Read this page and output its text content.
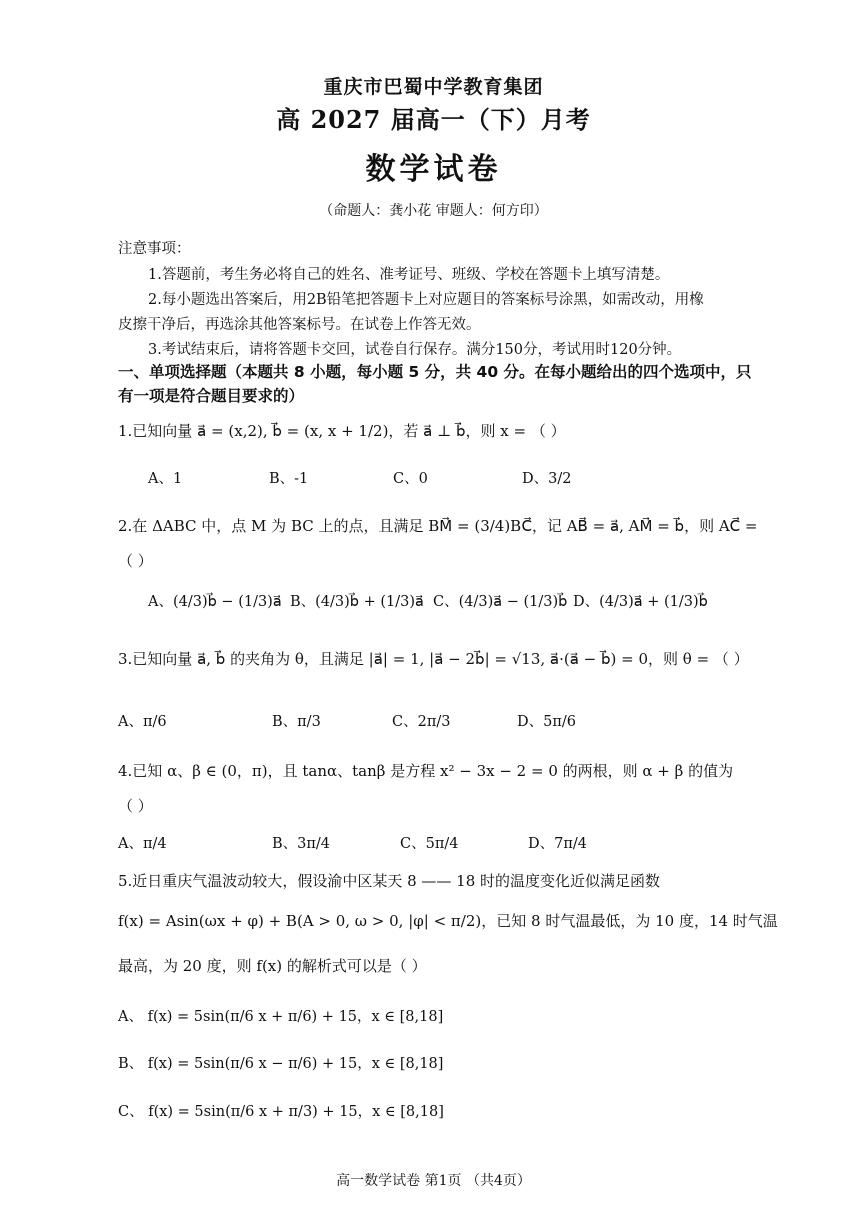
重庆市巴蜀中学教育集团
高 2027 届高一（下）月考
数学试卷
（命题人：龚小花 审题人：何方印）
注意事项：
1.答题前，考生务必将自己的姓名、准考证号、班级、学校在答题卡上填写清楚。
2.每小题选出答案后，用2B铅笔把答题卡上对应题目的答案标号涂黑，如需改动，用橡
皮擦干净后，再选涂其他答案标号。在试卷上作答无效。
3.考试结束后，请将答题卡交回，试卷自行保存。满分150分，考试用时120分钟。
一、单项选择题（本题共 8 小题，每小题 5 分，共 40 分。在每小题给出的四个选项中，只
有一项是符合题目要求的）
1.已知向量 a⃗ = (x,2), b⃗ = (x, x + 1/2)，若 a⃗ ⊥ b⃗，则 x = （ ）
A、1	B、-1	C、0	D、3/2
2.在 ΔABC 中，点 M 为 BC 上的点，且满足 BM⃗ = (3/4)BC⃗，记 AB⃗ = a⃗, AM⃗ = b⃗，则 AC⃗ =
（ ）
A、(4/3)b⃗ − (1/3)a⃗ B、(4/3)b⃗ + (1/3)a⃗ C、(4/3)a⃗ − (1/3)b⃗ D、(4/3)a⃗ + (1/3)b⃗
3.已知向量 a⃗, b⃗ 的夹角为 θ，且满足 |a⃗| = 1, |a⃗ − 2b⃗| = √13, a⃗·(a⃗ − b⃗) = 0，则 θ = （ ）
A、π/6	B、π/3	C、2π/3	D、5π/6
4.已知 α、β ∈ (0，π)，且 tanα、tanβ 是方程 x² − 3x − 2 = 0 的两根，则 α + β 的值为
（ ）
A、π/4	B、3π/4	C、5π/4	D、7π/4
5.近日重庆气温波动较大，假设渝中区某天 8 —— 18 时的温度变化近似满足函数
f(x) = Asin(ωx + φ) + B(A > 0, ω > 0, |φ| < π/2)，已知 8 时气温最低，为 10 度，14 时气温
最高，为 20 度，则 f(x) 的解析式可以是（ ）
A、 f(x) = 5sin(π/6 x + π/6) + 15，x ∈ [8,18]
B、 f(x) = 5sin(π/6 x − π/6) + 15，x ∈ [8,18]
C、 f(x) = 5sin(π/6 x + π/3) + 15，x ∈ [8,18]
高一数学试卷 第1页 （共4页）
